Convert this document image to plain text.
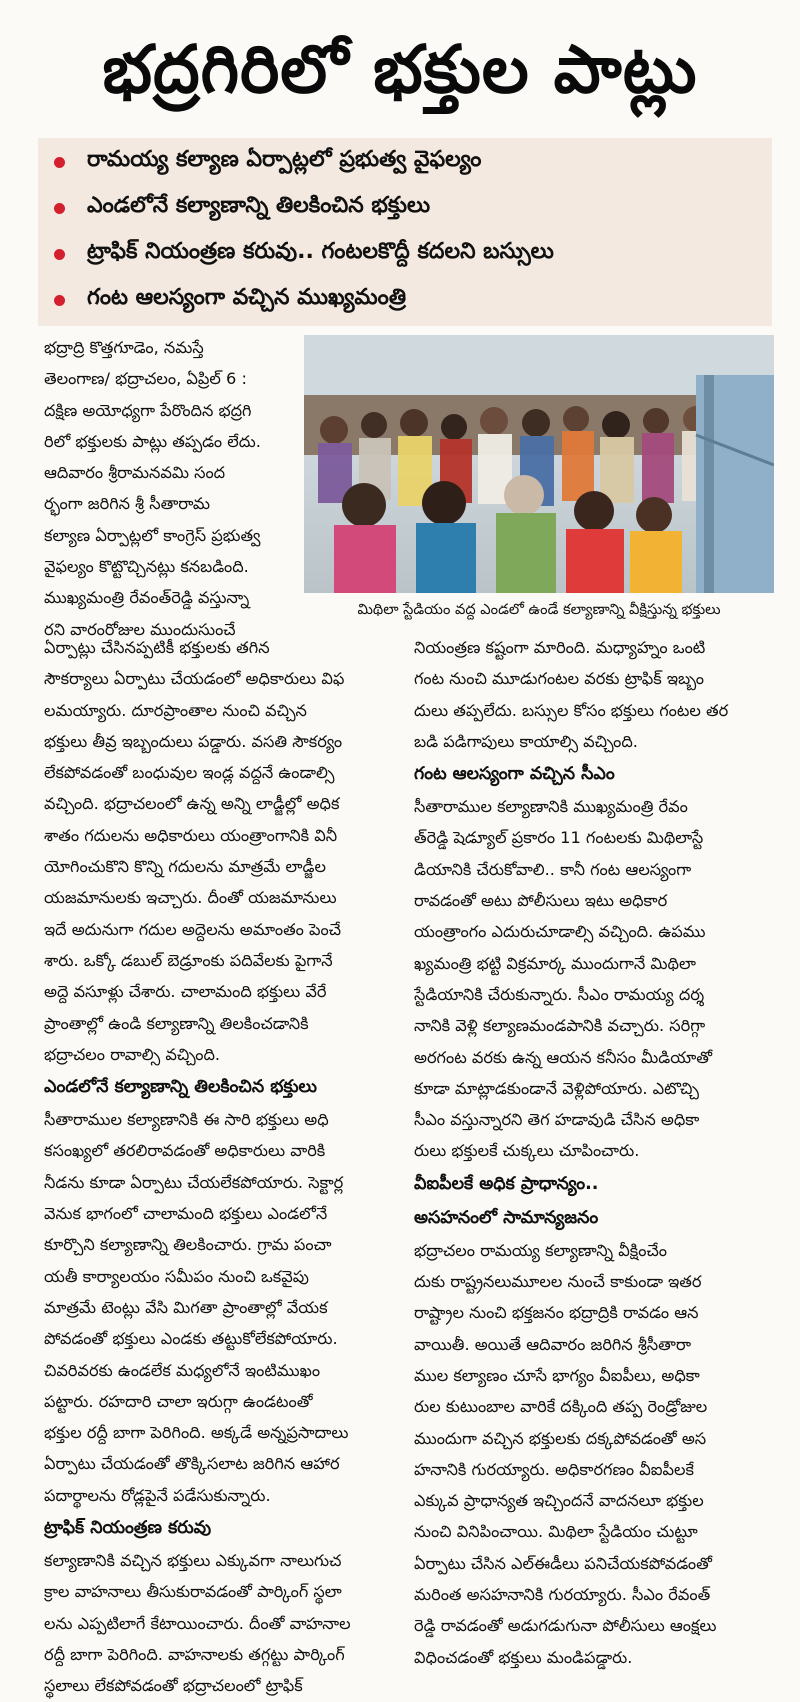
భద్రగిరిలో భక్తుల పాట్లు
రామయ్య కల్యాణ ఏర్పాట్లలో ప్రభుత్వ వైఫల్యం
ఎండలోనే కల్యాణాన్ని తిలకించిన భక్తులు
ట్రాఫిక్ నియంత్రణ కరువు.. గంటలకొద్దీ కదలని బస్సులు
గంట ఆలస్యంగా వచ్చిన ముఖ్యమంత్రి

భద్రాద్రి కొత్తగూడెం, నమస్తే

తెలంగాణ/ భద్రాచలం, ఏప్రిల్ 6 :

దక్షిణ అయోధ్యగా పేరొందిన భద్రగి

రిలో భక్తులకు పాట్లు తప్పడం లేదు.

ఆదివారం శ్రీరామనవమి సంద

ర్భంగా జరిగిన శ్రీ సీతారామ

కల్యాణ ఏర్పాట్లలో కాంగ్రెస్ ప్రభుత్వ

వైఫల్యం కొట్టొచ్చినట్లు కనబడింది.

ముఖ్యమంత్రి రేవంత్‌రెడ్డి వస్తున్నా

రని వారంరోజుల ముందుసుంచే

మిథిలా స్టేడియం వద్ద ఎండలో ఉండే కల్యాణాన్ని వీక్షిస్తున్న భక్తులు

ఏర్పాట్లు చేసినప్పటికీ భక్తులకు తగిన

సౌకర్యాలు ఏర్పాటు చేయడంలో అధికారులు విఫ

లమయ్యారు. దూరప్రాంతాల నుంచి వచ్చిన

భక్తులు తీవ్ర ఇబ్బందులు పడ్డారు. వసతి సౌకర్యం

లేకపోవడంతో బంధువుల ఇండ్ల వద్దనే ఉండాల్సి

వచ్చింది. భద్రాచలంలో ఉన్న అన్ని లాడ్జీల్లో అధిక

శాతం గదులను అధికారులు యంత్రాంగానికి వినీ

యోగించుకొని కొన్ని గదులను మాత్రమే లాడ్జీల

యజమానులకు ఇచ్చారు. దీంతో యజమానులు

ఇదే అదునుగా గదుల అద్దెలను అమాంతం పెంచే

శారు. ఒక్కో డబుల్ బెడ్రూంకు పదివేలకు పైగానే

అద్దె వసూళ్లు చేశారు. చాలామంది భక్తులు వేరే

ప్రాంతాల్లో ఉండి కల్యాణాన్ని తిలకించడానికి

భద్రాచలం రావాల్సి వచ్చింది.

ఎండలోనే కల్యాణాన్ని తిలకించిన భక్తులు

సీతారాముల కల్యాణానికి ఈ సారి భక్తులు అధి

కసంఖ్యలో తరలిరావడంతో అధికారులు వారికి

నీడను కూడా ఏర్పాటు చేయలేకపోయారు. సెక్టార్ల

వెనుక భాగంలో చాలామంది భక్తులు ఎండలోనే

కూర్చొని కల్యాణాన్ని తిలకించారు. గ్రామ పంచా

యతీ కార్యాలయం సమీపం నుంచి ఒకవైపు

మాత్రమే టెంట్లు వేసి మిగతా ప్రాంతాల్లో వేయక

పోవడంతో భక్తులు ఎండకు తట్టుకోలేకపోయారు.

చివరివరకు ఉండలేక మధ్యలోనే ఇంటిముఖం

పట్టారు. రహదారి చాలా ఇరుగ్గా ఉండటంతో

భక్తుల రద్దీ బాగా పెరిగింది. అక్కడే అన్నప్రసాదాలు

ఏర్పాటు చేయడంతో తొక్కిసలాట జరిగిన ఆహార

పదార్థాలను రోడ్లపైనే పడేసుకున్నారు.

ట్రాఫిక్ నియంత్రణ కరువు

కల్యాణానికి వచ్చిన భక్తులు ఎక్కువగా నాలుగుచ

క్రాల వాహనాలు తీసుకురావడంతో పార్కింగ్ స్థలా

లను ఎప్పటిలాగే కేటాయించారు. దీంతో వాహనాల

రద్దీ బాగా పెరిగింది. వాహనాలకు తగ్గట్టు పార్కింగ్

స్థలాలు లేకపోవడంతో భద్రాచలంలో ట్రాఫిక్

నియంత్రణ కష్టంగా మారింది. మధ్యాహ్నం ఒంటి

గంట నుంచి మూడుగంటల వరకు ట్రాఫిక్ ఇబ్బం

దులు తప్పలేదు. బస్సుల కోసం భక్తులు గంటల తర

బడి పడిగాపులు కాయాల్సి వచ్చింది.

గంట ఆలస్యంగా వచ్చిన సీఎం

సీతారాముల కల్యాణానికి ముఖ్యమంత్రి రేవం

త్‌రెడ్డి షెడ్యూల్ ప్రకారం 11 గంటలకు మిథిలాస్టే

డియానికి చేరుకోవాలి.. కానీ గంట ఆలస్యంగా

రావడంతో అటు పోలీసులు ఇటు అధికార

యంత్రాంగం ఎదురుచూడాల్సి వచ్చింది. ఉపము

ఖ్యమంత్రి భట్టి విక్రమార్క ముందుగానే మిథిలా

స్టేడియానికి చేరుకున్నారు. సీఎం రామయ్య దర్శ

నానికి వెళ్లి కల్యాణమండపానికి వచ్చారు. సరిగ్గా

అరగంట వరకు ఉన్న ఆయన కనీసం మీడియాతో

కూడా మాట్లాడకుండానే వెళ్లిపోయారు. ఎటొచ్చి

సీఎం వస్తున్నారని తెగ హడావుడి చేసిన అధికా

రులు భక్తులకే చుక్కలు చూపించారు.

వీఐపీలకే అధిక ప్రాధాన్యం..

అసహనంలో సామాన్యజనం

భద్రాచలం రామయ్య కల్యాణాన్ని వీక్షించేం

దుకు రాష్ట్రనలుమూలల నుంచే కాకుండా ఇతర

రాష్ట్రాల నుంచి భక్తజనం భద్రాద్రికి రావడం ఆన

వాయితీ. అయితే ఆదివారం జరిగిన శ్రీసీతారా

ముల కల్యాణం చూసే భాగ్యం వీఐపీలు, అధికా

రుల కుటుంబాల వారికే దక్కింది తప్ప రెండ్రోజుల

ముందుగా వచ్చిన భక్తులకు దక్కపోవడంతో అస

హనానికి గురయ్యారు. అధికారగణం వీఐపీలకే

ఎక్కువ ప్రాధాన్యత ఇచ్చిందనే వాదనలూ భక్తుల

నుంచి వినిపించాయి. మిథిలా స్టేడియం చుట్టూ

ఏర్పాటు చేసిన ఎల్ఈడీలు పనిచేయకపోవడంతో

మరింత అసహనానికి గురయ్యారు. సీఎం రేవంత్

రెడ్డి రావడంతో అడుగడుగునా పోలీసులు ఆంక్షలు

విధించడంతో భక్తులు మండిపడ్డారు.
